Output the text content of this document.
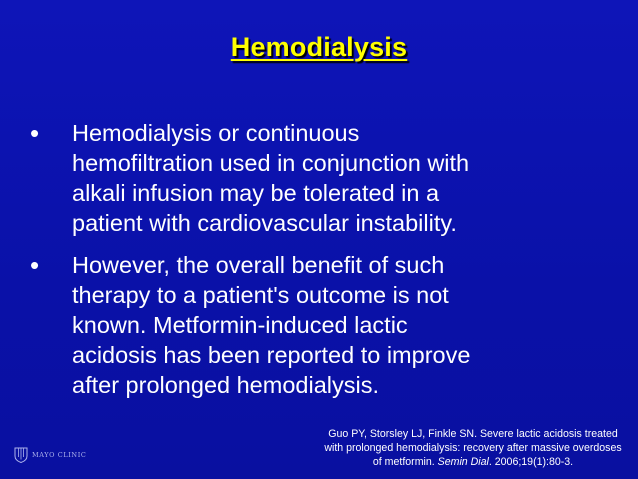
Hemodialysis
•	Hemodialysis or continuous
hemofiltration used in conjunction with
alkali infusion may be tolerated in a
patient with cardiovascular instability.
•	However, the overall benefit of such
therapy to a patient's outcome is not
known. Metformin-induced lactic
acidosis has been reported to improve
after prolonged hemodialysis.
Guo PY, Storsley LJ, Finkle SN. Severe lactic acidosis treated
with prolonged hemodialysis: recovery after massive overdoses
of metformin. Semin Dial. 2006;19(1):80-3.
MAYO CLINIC
